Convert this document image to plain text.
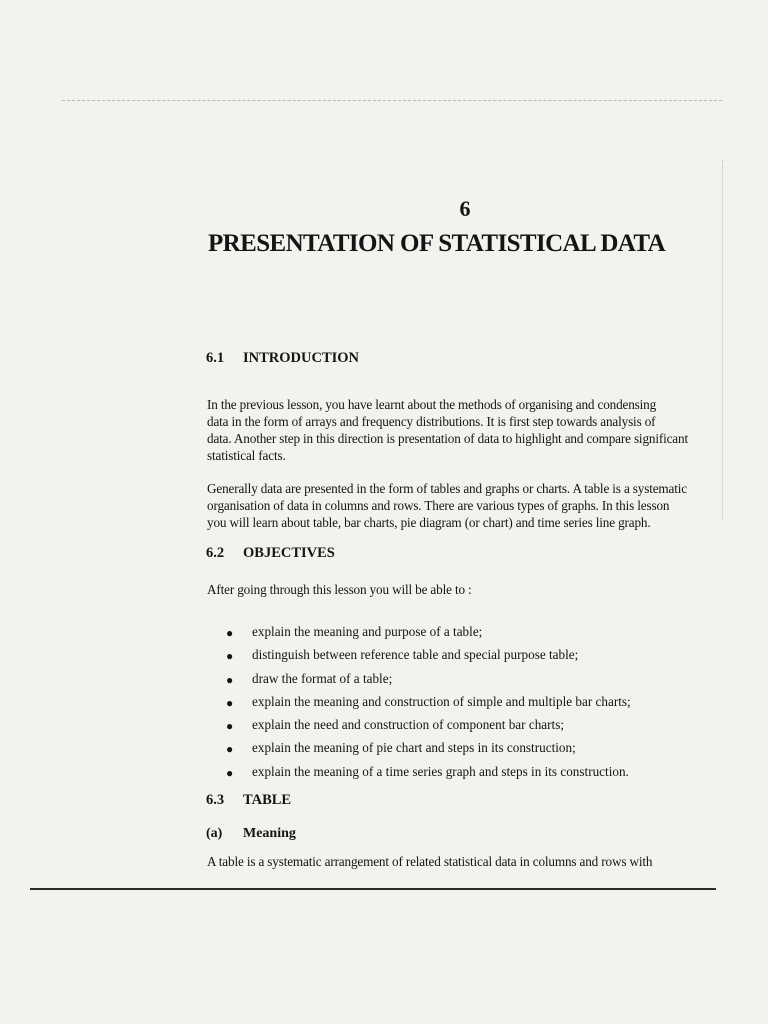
6
PRESENTATION OF STATISTICAL DATA
6.1 INTRODUCTION

In the previous lesson, you have learnt about the methods of organising and condensing
data in the form of arrays and frequency distributions. It is first step towards analysis of
data. Another step in this direction is presentation of data to highlight and compare significant
statistical facts.

Generally data are presented in the form of tables and graphs or charts. A table is a systematic
organisation of data in columns and rows. There are various types of graphs. In this lesson
you will learn about table, bar charts, pie diagram (or chart) and time series line graph.

6.2 OBJECTIVES

After going through this lesson you will be able to :

● explain the meaning and purpose of a table;
● distinguish between reference table and special purpose table;
● draw the format of a table;
● explain the meaning and construction of simple and multiple bar charts;
● explain the need and construction of component bar charts;
● explain the meaning of pie chart and steps in its construction;
● explain the meaning of a time series graph and steps in its construction.
6.3 TABLE
(a) Meaning

A table is a systematic arrangement of related statistical data in columns and rows with
